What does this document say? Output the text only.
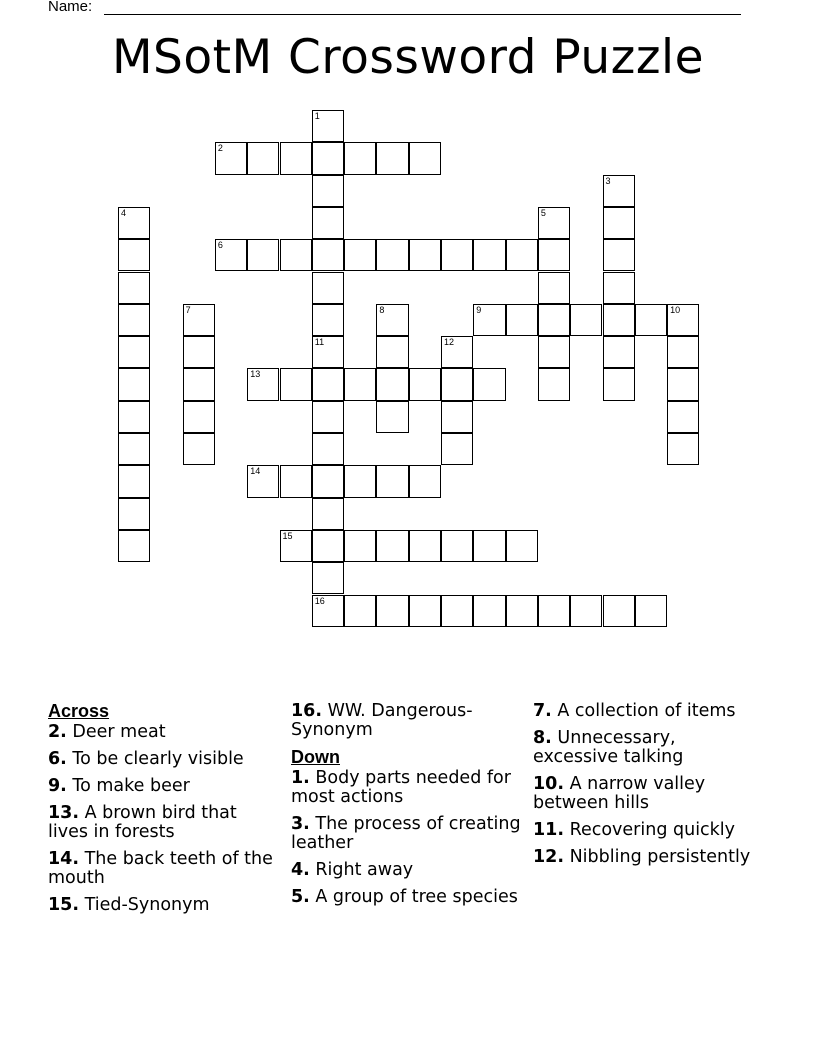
Name:
MSotM Crossword Puzzle
1
11
2
3
4	5
6
7	8	9	10
12
13
14
15
16
Across
2. Deer meat
6. To be clearly visible
9. To make beer
13. A brown bird that lives in forests
14. The back teeth of the mouth
15. Tied-Synonym
16. WW. Dangerous-Synonym
Down
1. Body parts needed for most actions
3. The process of creating leather
4. Right away
5. A group of tree species
7. A collection of items
8. Unnecessary, excessive talking
10. A narrow valley between hills
11. Recovering quickly
12. Nibbling persistently
